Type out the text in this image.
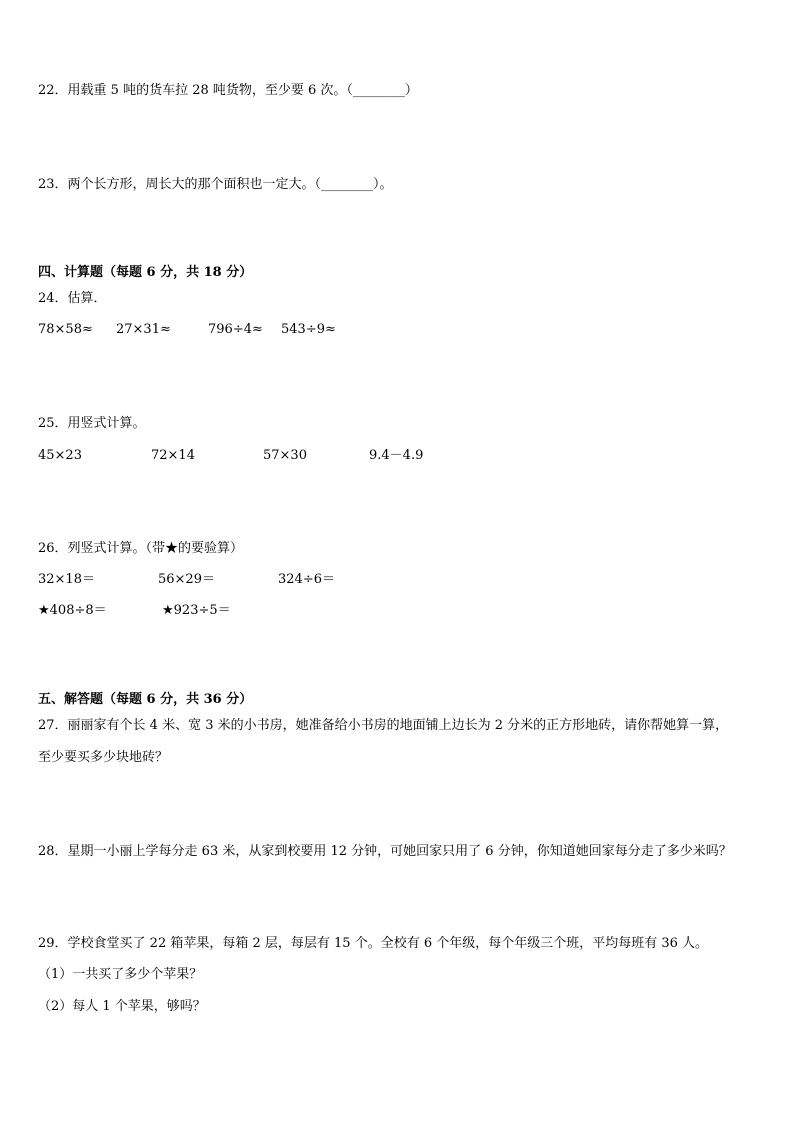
22．用载重 5 吨的货车拉 28 吨货物，至少要 6 次。（________）
23．两个长方形，周长大的那个面积也一定大。（________）。
四、计算题（每题 6 分，共 18 分）
24．估算．
78×58≈ 27×31≈	796÷4≈ 543÷9≈
25．用竖式计算。
45×23	72×14	57×30	9.4－4.9
26．列竖式计算。（带★的要验算）
32×18＝	56×29＝	324÷6＝
★408÷8＝	★923÷5＝
五、解答题（每题 6 分，共 36 分）
27．丽丽家有个长 4 米、宽 3 米的小书房，她准备给小书房的地面铺上边长为 2 分米的正方形地砖，请你帮她算一算，
至少要买多少块地砖？
28．星期一小丽上学每分走 63 米，从家到校要用 12 分钟，可她回家只用了 6 分钟，你知道她回家每分走了多少米吗？
29．学校食堂买了 22 箱苹果，每箱 2 层，每层有 15 个。全校有 6 个年级，每个年级三个班，平均每班有 36 人。
（1）一共买了多少个苹果？
（2）每人 1 个苹果，够吗？
